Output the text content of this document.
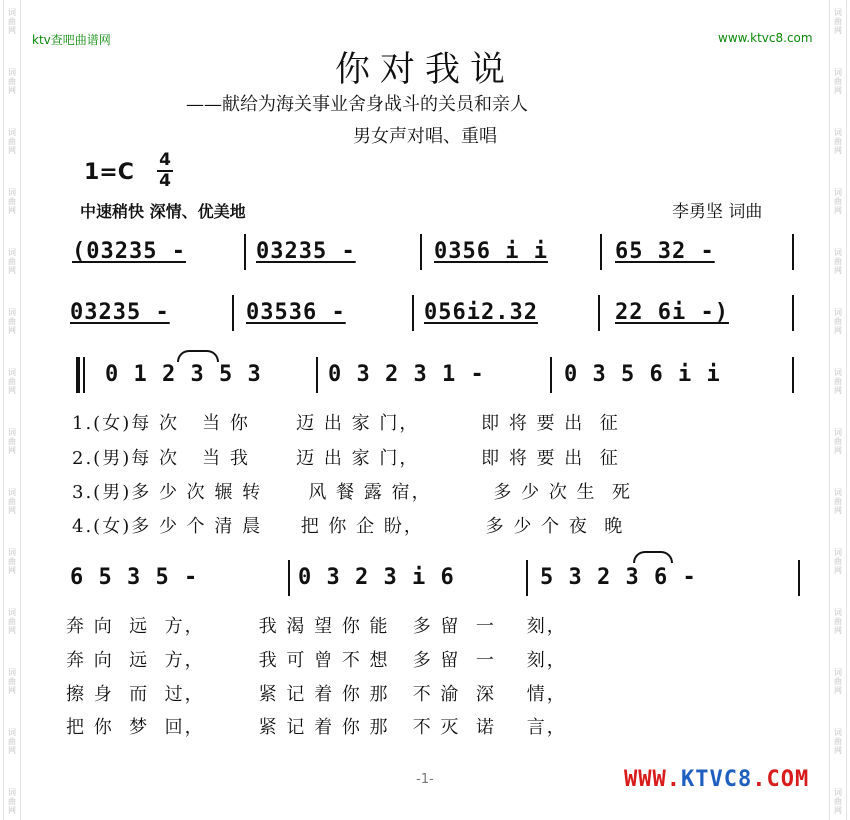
词
曲
网
词
曲
网
词
曲
网
词
曲
网
词
曲
网
词
曲
网
词
曲
网
词
曲
网
词
曲
网
词
曲
网
词
曲
网
词
曲
网
词
曲
网
词
曲
网
词
曲
网
词
曲
网
词
曲
网
词
曲
网
词
曲
网
词
曲
网
词
曲
网
词
曲
网
词
曲
网
词
曲
网
词
曲
网
词
曲
网
词
曲
网
词
曲
网
ktv查吧曲谱网	www.ktvc8.com
你对我说
——献给为海关事业舍身战斗的关员和亲人
男女声对唱、重唱
1=C 4
4
中速稍快 深情、优美地	李勇坚 词曲
(03235 -	03235 -	0356 i i	65 32 -
03235 -	03536 -	056i2.32	22 6i -)
0 1 2 3 5 3	0 3 2 3 1 -	0 3 5 6 i i
1.(女)每 次   当 你      迈 出 家 门，        即 将 要 出  征
2.(男)每 次   当 我      迈 出 家 门，        即 将 要 出  征
3.(男)多 少 次 辗 转      风 餐 露 宿，        多 少 次 生  死
4.(女)多 少 个 清 晨     把 你 企 盼，        多 少 个 夜  晚
6 5 3 5 -	0 3 2 3 i 6	5 3 2 3 6 -
奔 向  远  方，       我 渴 望 你 能   多 留  一    刻，
奔 向  远  方，       我 可 曾 不 想   多 留  一    刻，
擦 身  而  过，       紧 记 着 你 那   不 渝  深    情，
把 你  梦  回，       紧 记 着 你 那   不 灭  诺    言，
-1-	WWW.KTVC8.COM
